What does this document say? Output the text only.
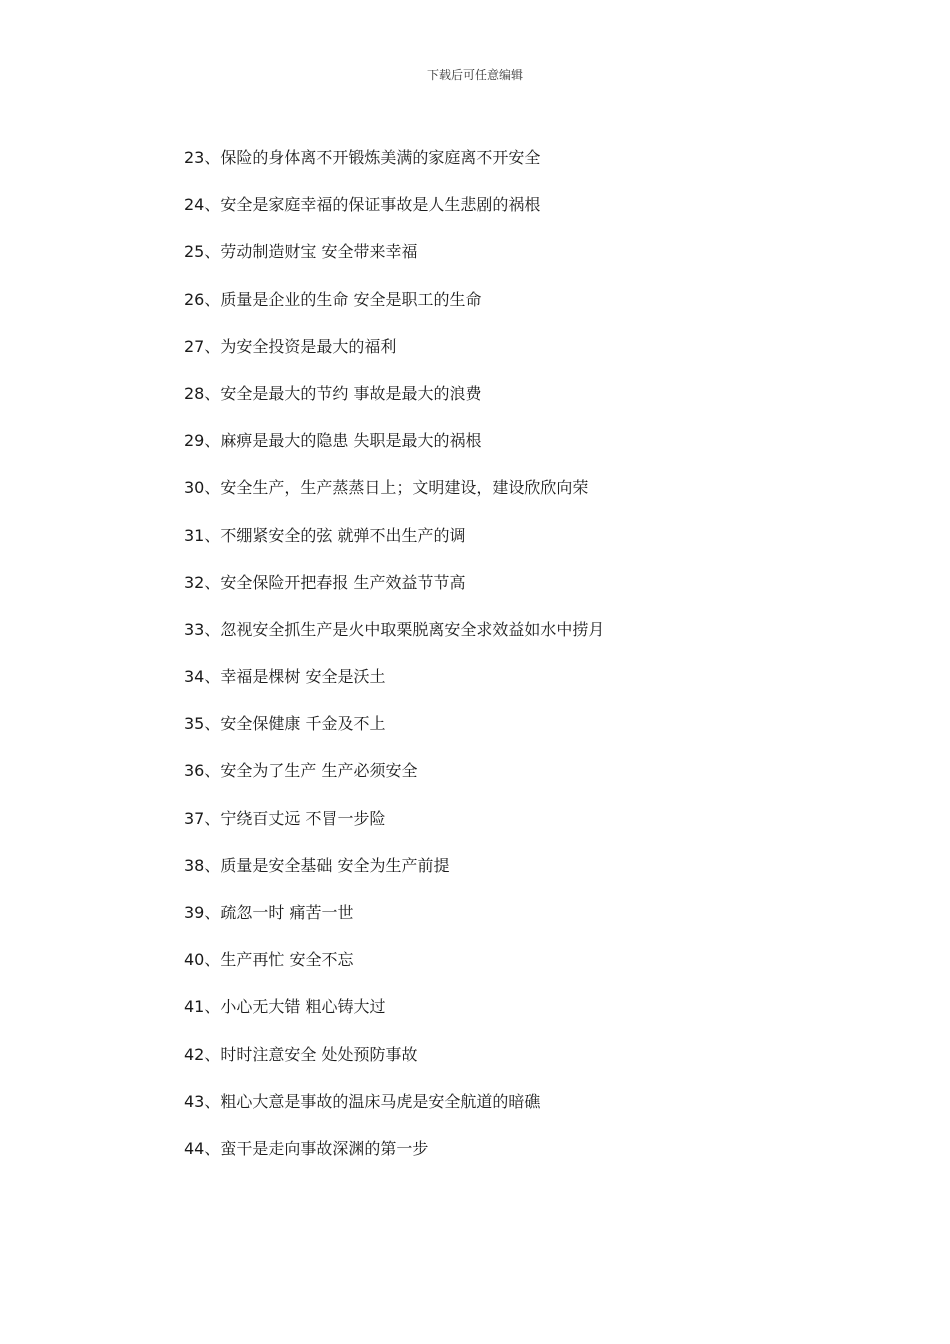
下载后可任意编辑
23、保险的身体离不开锻炼美满的家庭离不开安全
24、安全是家庭幸福的保证事故是人生悲剧的祸根
25、劳动制造财宝 安全带来幸福
26、质量是企业的生命 安全是职工的生命
27、为安全投资是最大的福利
28、安全是最大的节约 事故是最大的浪费
29、麻痹是最大的隐患 失职是最大的祸根
30、安全生产，生产蒸蒸日上；文明建设，建设欣欣向荣
31、不绷紧安全的弦 就弹不出生产的调
32、安全保险开把春报 生产效益节节高
33、忽视安全抓生产是火中取栗脱离安全求效益如水中捞月
34、幸福是棵树 安全是沃土
35、安全保健康 千金及不上
36、安全为了生产 生产必须安全
37、宁绕百丈远 不冒一步险
38、质量是安全基础 安全为生产前提
39、疏忽一时 痛苦一世
40、生产再忙 安全不忘
41、小心无大错 粗心铸大过
42、时时注意安全 处处预防事故
43、粗心大意是事故的温床马虎是安全航道的暗礁
44、蛮干是走向事故深渊的第一步
